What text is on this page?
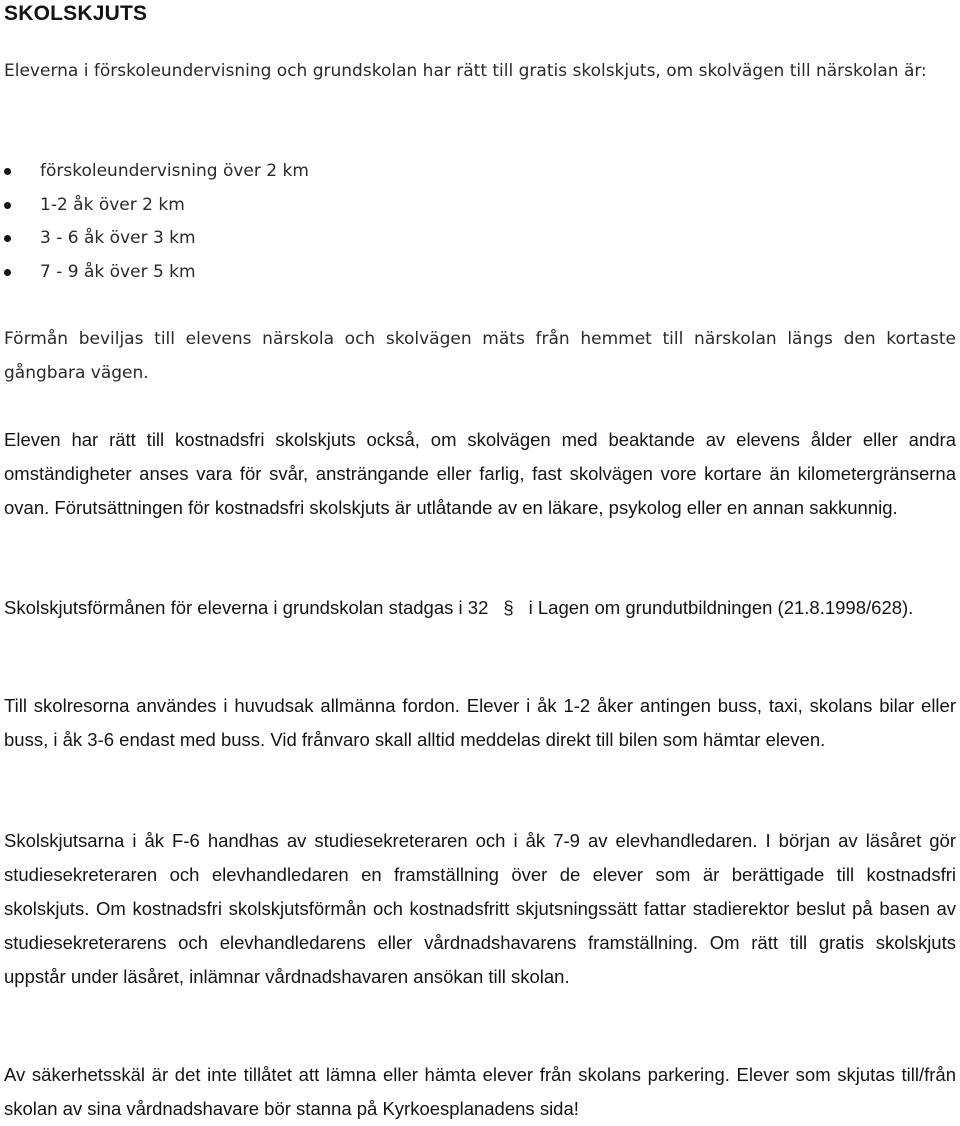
SKOLSKJUTS
Eleverna i förskoleundervisning och grundskolan har rätt till gratis skolskjuts, om skolvägen till närskolan är:
förskoleundervisning över 2 km
1-2 åk över 2 km
3 - 6 åk över 3 km
7 - 9 åk över 5 km
Förmån beviljas till elevens närskola och skolvägen mäts från hemmet till närskolan längs den kortaste gångbara vägen.
Eleven har rätt till kostnadsfri skolskjuts också, om skolvägen med beaktande av elevens ålder eller andra omständigheter anses vara för svår, ansträngande eller farlig, fast skolvägen vore kortare än kilometergränserna ovan. Förutsättningen för kostnadsfri skolskjuts är utlåtande av en läkare, psykolog eller en annan sakkunnig.
Skolskjutsförmånen för eleverna i grundskolan stadgas i 32 § i Lagen om grundutbildningen (21.8.1998/628).
Till skolresorna användes i huvudsak allmänna fordon. Elever i åk 1-2 åker antingen buss, taxi, skolans bilar eller buss, i åk 3-6 endast med buss. Vid frånvaro skall alltid meddelas direkt till bilen som hämtar eleven.
Skolskjutsarna i åk F-6 handhas av studiesekreteraren och i åk 7-9 av elevhandledaren. I början av läsåret gör studiesekreteraren och elevhandledaren en framställning över de elever som är berättigade till kostnadsfri skolskjuts. Om kostnadsfri skolskjutsförmån och kostnadsfritt skjutsningssätt fattar stadierektor beslut på basen av studiesekreterarens och elevhandledarens eller vårdnadshavarens framställning. Om rätt till gratis skolskjuts uppstår under läsåret, inlämnar vårdnadshavaren ansökan till skolan.
Av säkerhetsskäl är det inte tillåtet att lämna eller hämta elever från skolans parkering. Elever som skjutas till/från skolan av sina vårdnadshavare bör stanna på Kyrkoesplanadens sida!
